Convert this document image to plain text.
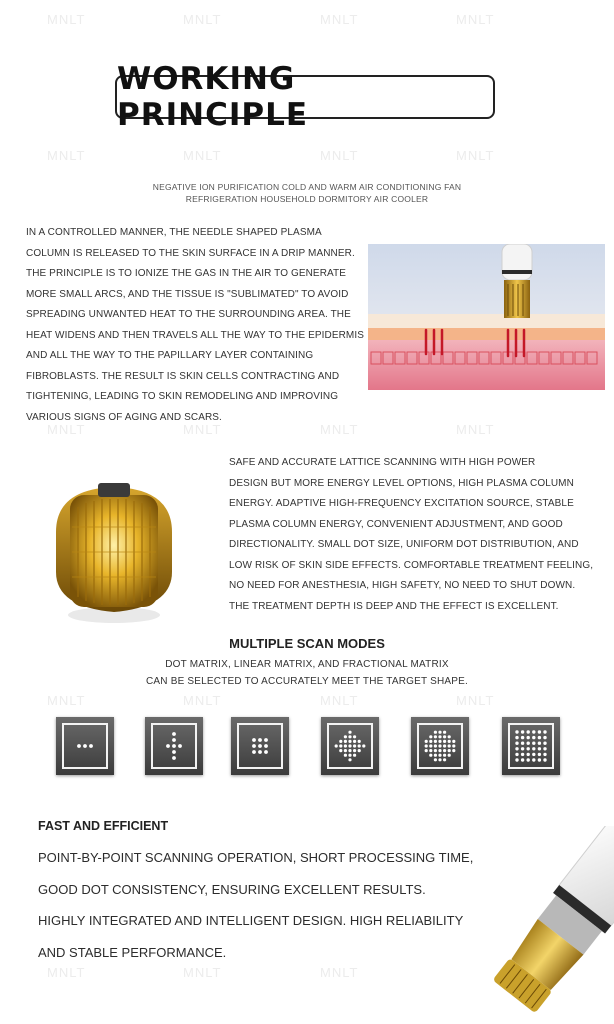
MNLT	MNLT	MNLT	MNLT
MNLT	MNLT	MNLT	MNLT
MNLT	MNLT	MNLT	MNLT
MNLT	MNLT	MNLT	MNLT
MNLT	MNLT	MNLT
WORKING PRINCIPLE
NEGATIVE ION PURIFICATION COLD AND WARM AIR CONDITIONING FAN
REFRIGERATION HOUSEHOLD DORMITORY AIR COOLER
IN A CONTROLLED MANNER, THE NEEDLE SHAPED PLASMA
COLUMN IS RELEASED TO THE SKIN SURFACE IN A DRIP MANNER.
THE PRINCIPLE IS TO IONIZE THE GAS IN THE AIR TO GENERATE
MORE SMALL ARCS, AND THE TISSUE IS "SUBLIMATED" TO AVOID
SPREADING UNWANTED HEAT TO THE SURROUNDING AREA. THE
HEAT WIDENS AND THEN TRAVELS ALL THE WAY TO THE EPIDERMIS
AND ALL THE WAY TO THE PAPILLARY LAYER CONTAINING
FIBROBLASTS. THE RESULT IS SKIN CELLS CONTRACTING AND
TIGHTENING, LEADING TO SKIN REMODELING AND IMPROVING
VARIOUS SIGNS OF AGING AND SCARS.
SAFE AND ACCURATE LATTICE SCANNING WITH HIGH POWER
DESIGN BUT MORE ENERGY LEVEL OPTIONS, HIGH PLASMA COLUMN
ENERGY. ADAPTIVE HIGH-FREQUENCY EXCITATION SOURCE, STABLE
PLASMA COLUMN ENERGY, CONVENIENT ADJUSTMENT, AND GOOD
DIRECTIONALITY. SMALL DOT SIZE, UNIFORM DOT DISTRIBUTION, AND
LOW RISK OF SKIN SIDE EFFECTS. COMFORTABLE TREATMENT FEELING,
NO NEED FOR ANESTHESIA, HIGH SAFETY, NO NEED TO SHUT DOWN.
THE TREATMENT DEPTH IS DEEP AND THE EFFECT IS EXCELLENT.
MULTIPLE SCAN MODES
DOT MATRIX, LINEAR MATRIX, AND FRACTIONAL MATRIX
CAN BE SELECTED TO ACCURATELY MEET THE TARGET SHAPE.
FAST AND EFFICIENT
POINT-BY-POINT SCANNING OPERATION, SHORT PROCESSING TIME,
GOOD DOT CONSISTENCY, ENSURING EXCELLENT RESULTS.
HIGHLY INTEGRATED AND INTELLIGENT DESIGN. HIGH RELIABILITY
AND STABLE PERFORMANCE.
